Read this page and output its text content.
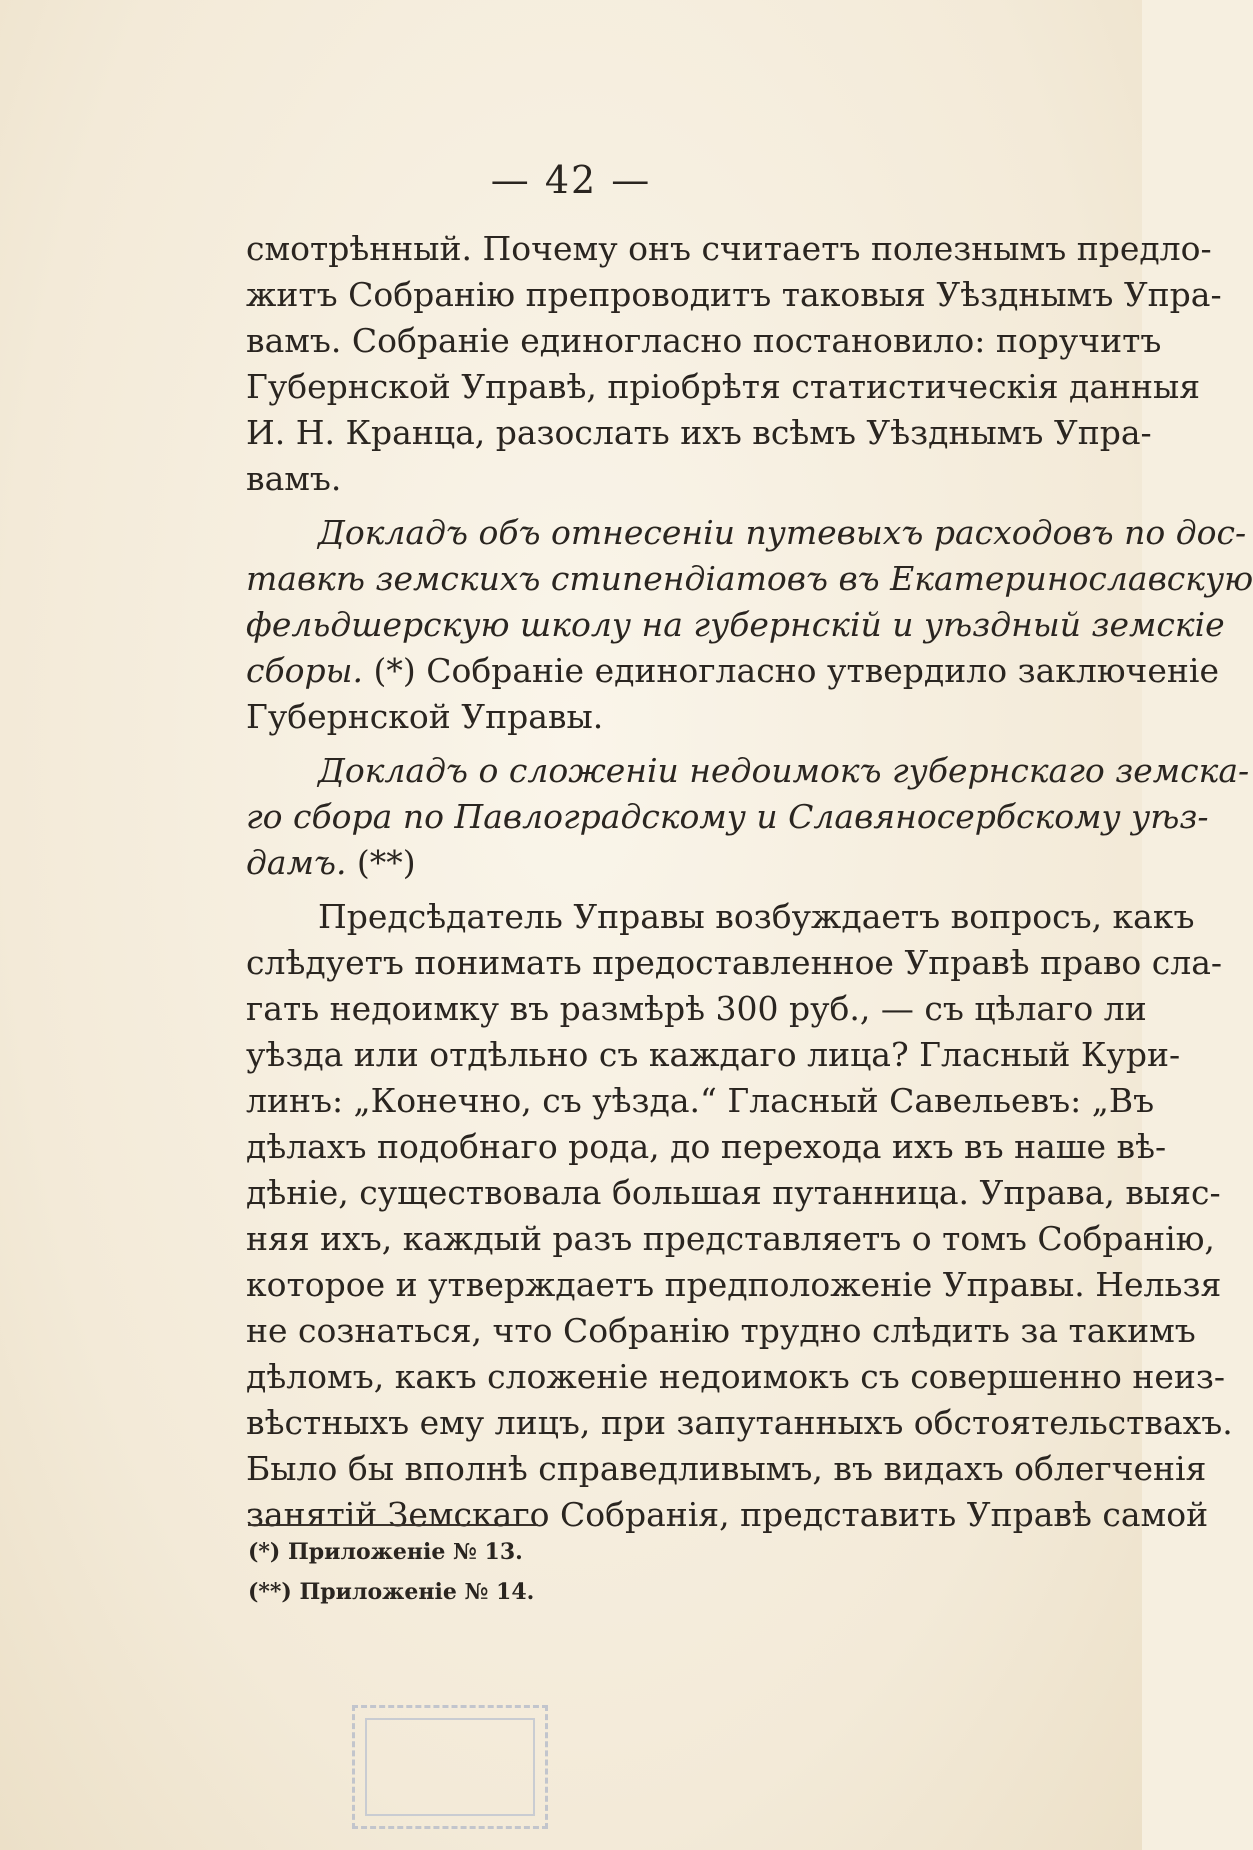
— 42 —
смотрѣнный. Почему онъ считаетъ полезнымъ предло-
житъ Собранію препроводитъ таковыя Уѣзднымъ Упра-
вамъ. Собраніе единогласно постановило: поручитъ
Губернской Управѣ, пріобрѣтя статистическія данныя
И. Н. Кранца, разослать ихъ всѣмъ Уѣзднымъ Упра-
вамъ.
Докладъ объ отнесеніи путевыхъ расходовъ по дос-
тавкѣ земскихъ стипендіатовъ въ Екатеринославскую
фельдшерскую школу на губернскій и уѣздный земскіе
сборы. (*) Собраніе единогласно утвердило заключеніе
Губернской Управы.
Докладъ о сложеніи недоимокъ губернскаго земска-
го сбора по Павлоградскому и Славяносербскому уѣз-
дамъ. (**)
Предсѣдатель Управы возбуждаетъ вопросъ, какъ
слѣдуетъ понимать предоставленное Управѣ право сла-
гать недоимку въ размѣрѣ 300 руб., — съ цѣлаго ли
уѣзда или отдѣльно съ каждаго лица? Гласный Кури-
линъ: „Конечно, съ уѣзда.“ Гласный Савельевъ: „Въ
дѣлахъ подобнаго рода, до перехода ихъ въ наше вѣ-
дѣніе, существовала большая путанница. Управа, выяс-
няя ихъ, каждый разъ представляетъ о томъ Собранію,
которое и утверждаетъ предположеніе Управы. Нельзя
не сознаться, что Собранію трудно слѣдить за такимъ
дѣломъ, какъ сложеніе недоимокъ съ совершенно неиз-
вѣстныхъ ему лицъ, при запутанныхъ обстоятельствахъ.
Было бы вполнѣ справедливымъ, въ видахъ облегченія
занятій Земскаго Собранія, представить Управѣ самой
(*) Приложеніе № 13.
(**) Приложеніе № 14.
